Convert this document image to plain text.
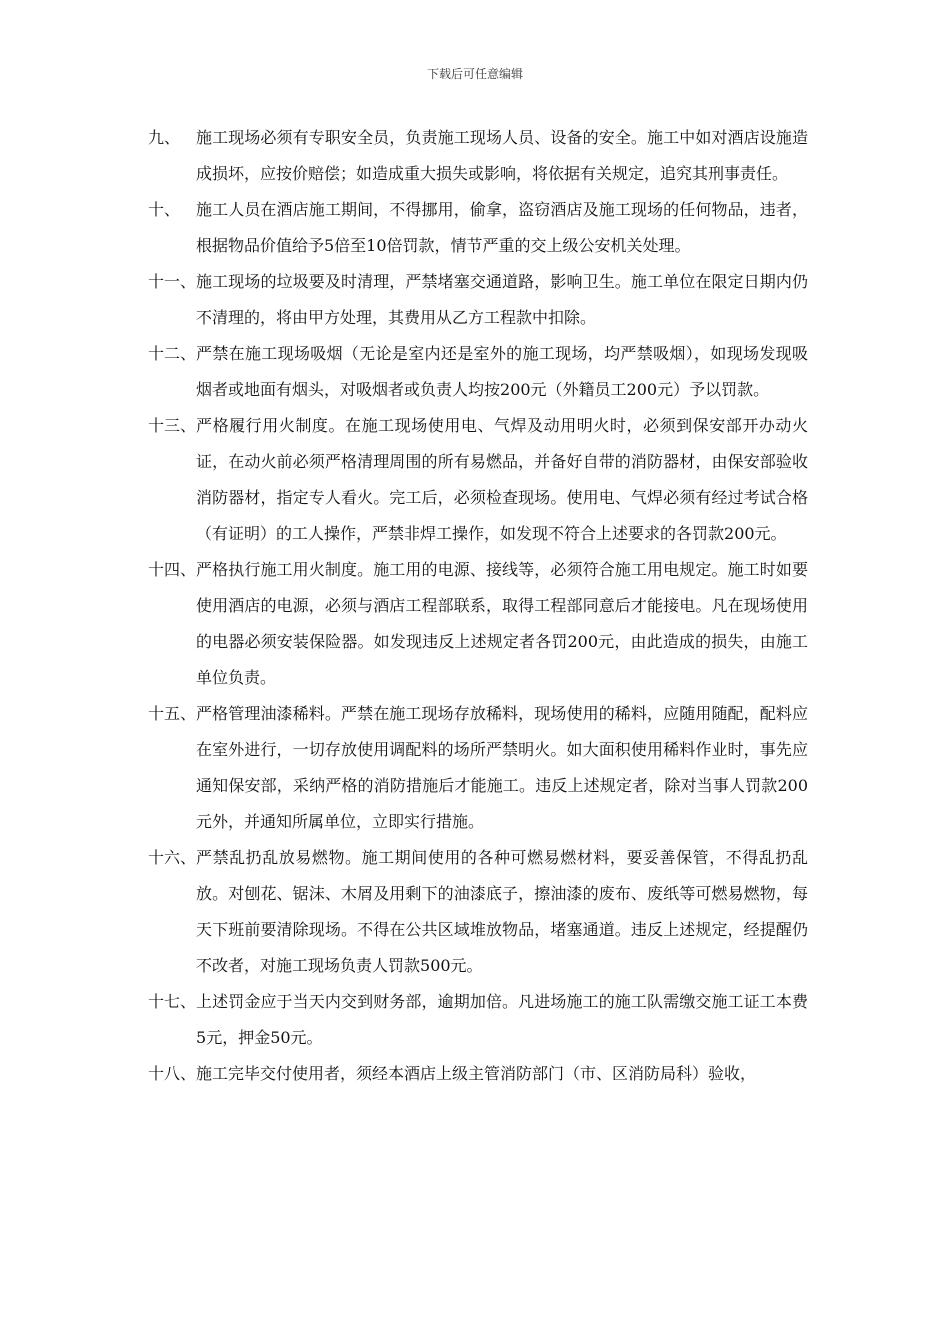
下载后可任意编辑
九、 施工现场必须有专职安全员，负责施工现场人员、设备的安全。施工中如对酒店设施造成损坏，应按价赔偿；如造成重大损失或影响，将依据有关规定，追究其刑事责任。
十、 施工人员在酒店施工期间，不得挪用，偷拿，盗窃酒店及施工现场的任何物品，违者，根据物品价值给予5倍至10倍罚款，情节严重的交上级公安机关处理。
十一、 施工现场的垃圾要及时清理，严禁堵塞交通道路，影响卫生。施工单位在限定日期内仍不清理的，将由甲方处理，其费用从乙方工程款中扣除。
十二、 严禁在施工现场吸烟（无论是室内还是室外的施工现场，均严禁吸烟），如现场发现吸烟者或地面有烟头，对吸烟者或负责人均按200元（外籍员工200元）予以罚款。
十三、 严格履行用火制度。在施工现场使用电、气焊及动用明火时，必须到保安部开办动火证，在动火前必须严格清理周围的所有易燃品，并备好自带的消防器材，由保安部验收消防器材，指定专人看火。完工后，必须检查现场。使用电、气焊必须有经过考试合格（有证明）的工人操作，严禁非焊工操作，如发现不符合上述要求的各罚款200元。
十四、 严格执行施工用火制度。施工用的电源、接线等，必须符合施工用电规定。施工时如要使用酒店的电源，必须与酒店工程部联系，取得工程部同意后才能接电。凡在现场使用的电器必须安装保险器。如发现违反上述规定者各罚200元，由此造成的损失，由施工单位负责。
十五、 严格管理油漆稀料。严禁在施工现场存放稀料，现场使用的稀料，应随用随配，配料应在室外进行，一切存放使用调配料的场所严禁明火。如大面积使用稀料作业时，事先应通知保安部，采纳严格的消防措施后才能施工。违反上述规定者，除对当事人罚款200元外，并通知所属单位，立即实行措施。
十六、 严禁乱扔乱放易燃物。施工期间使用的各种可燃易燃材料，要妥善保管，不得乱扔乱放。对刨花、锯沫、木屑及用剩下的油漆底子，擦油漆的废布、废纸等可燃易燃物，每天下班前要清除现场。不得在公共区域堆放物品，堵塞通道。违反上述规定，经提醒仍不改者，对施工现场负责人罚款500元。
十七、 上述罚金应于当天内交到财务部，逾期加倍。凡进场施工的施工队需缴交施工证工本费5元，押金50元。
十八、 施工完毕交付使用者，须经本酒店上级主管消防部门（市、区消防局科）验收，
